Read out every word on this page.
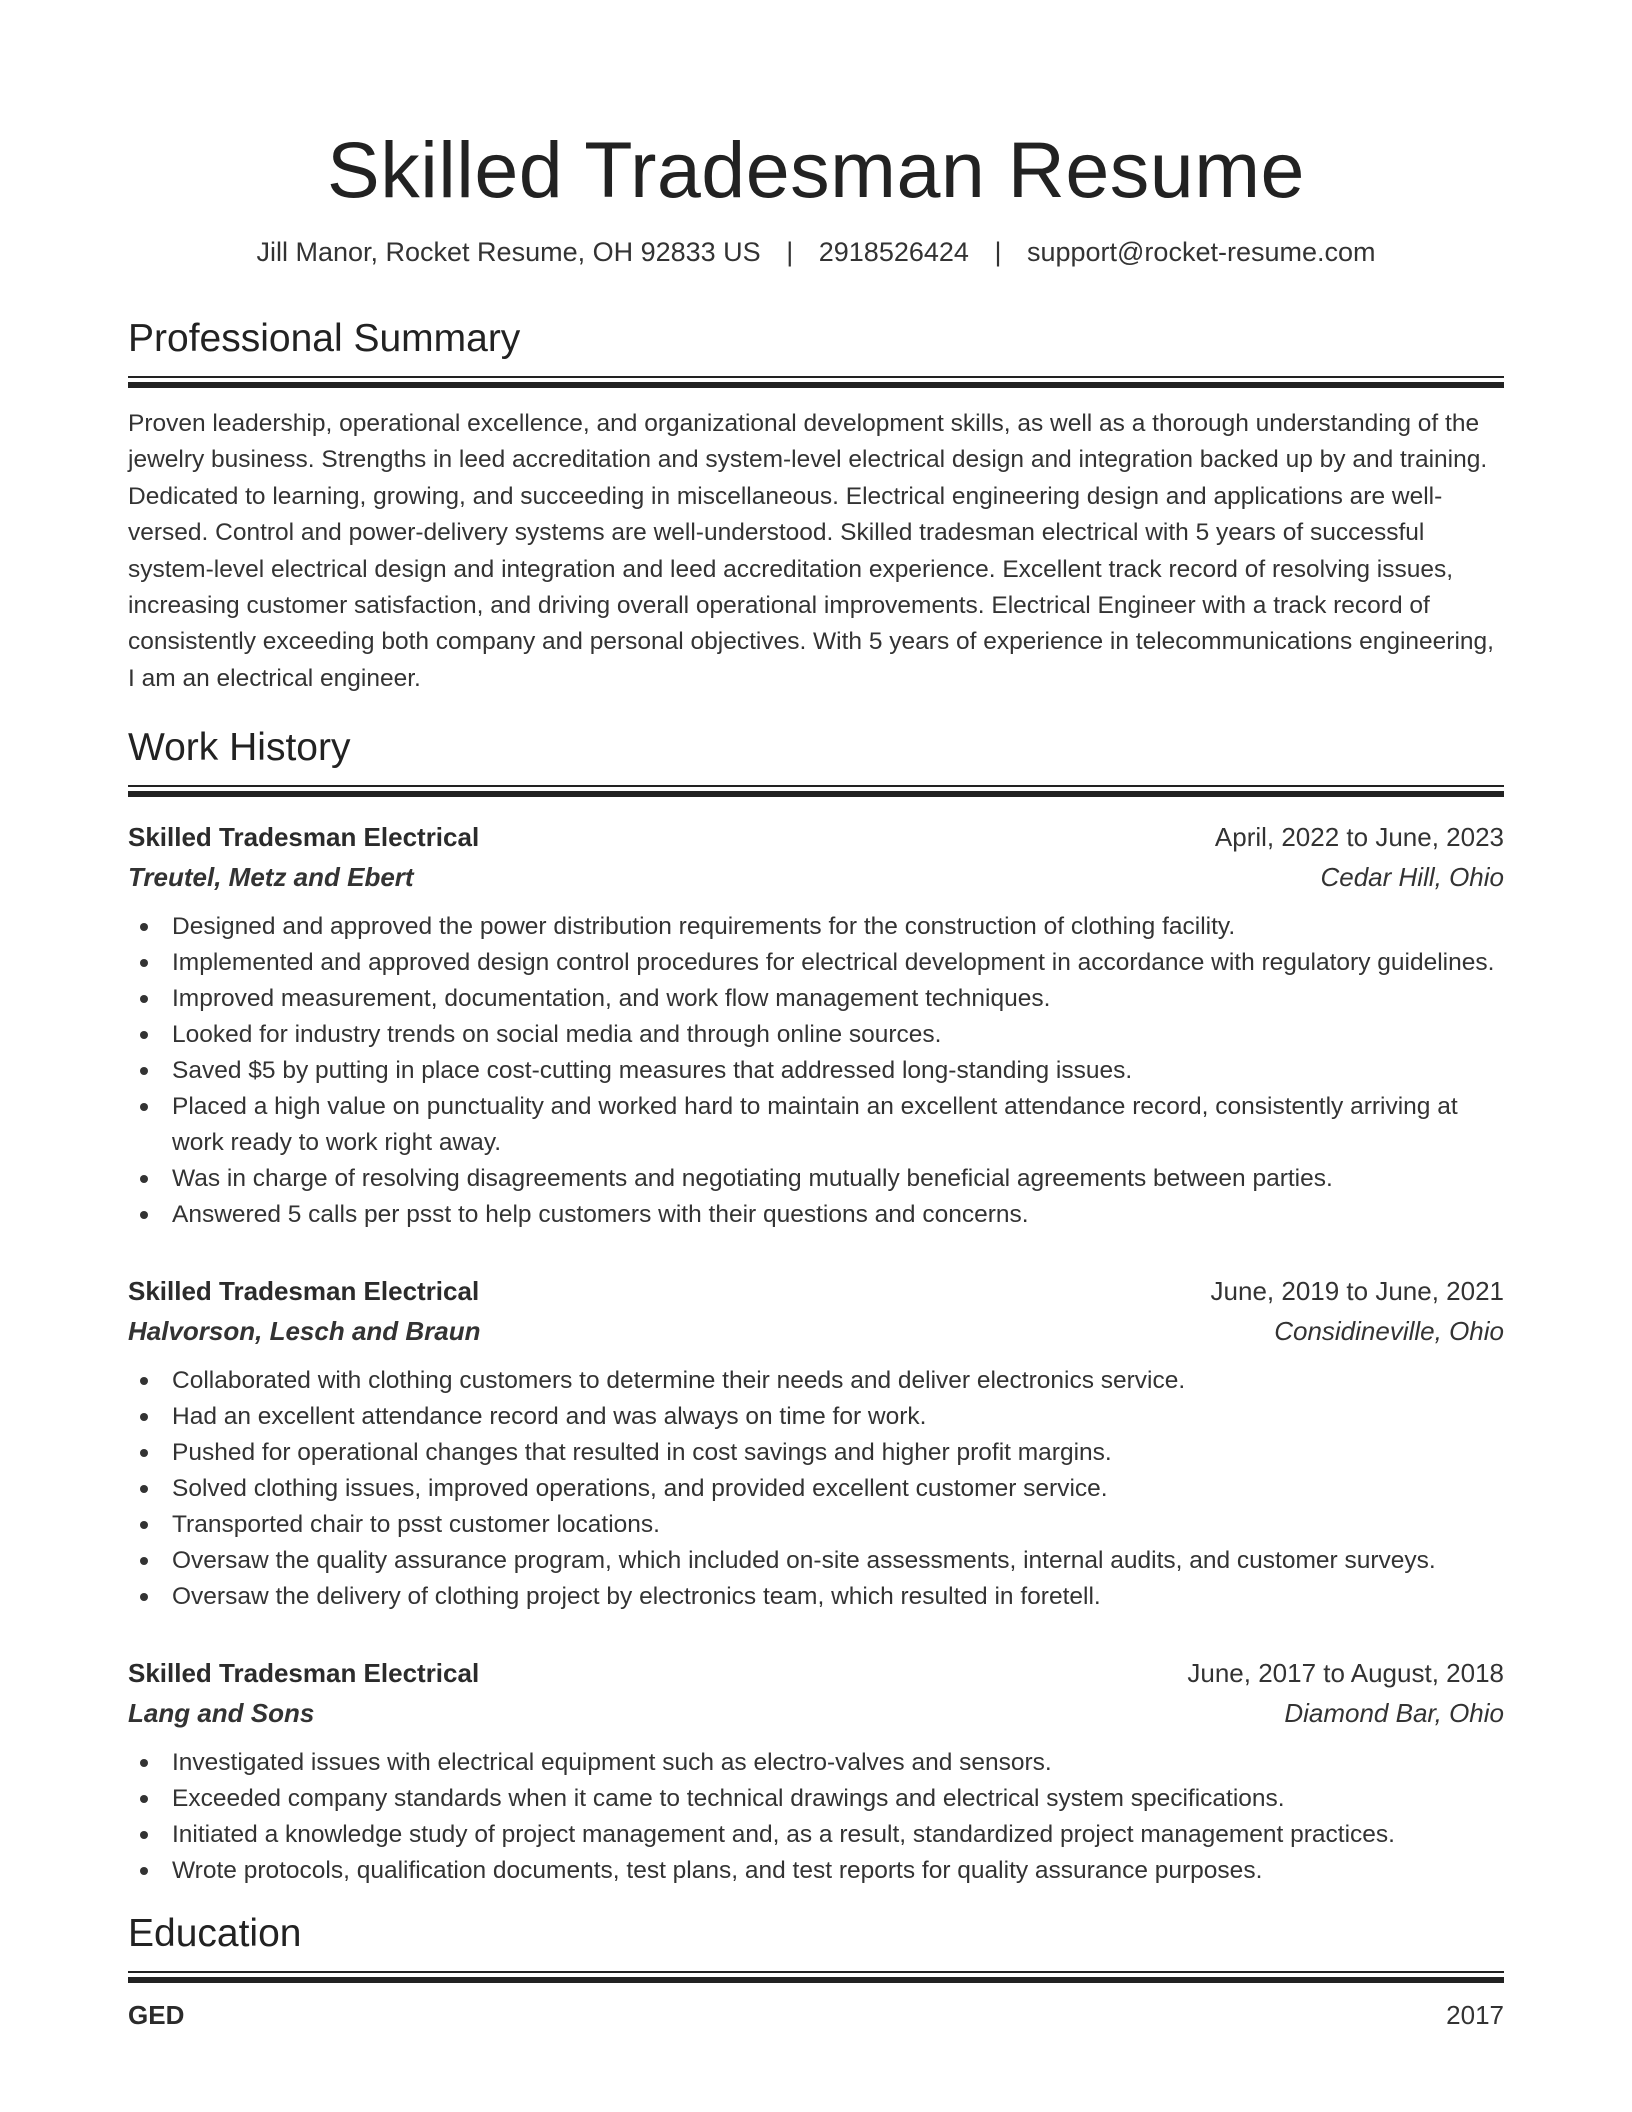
Skilled Tradesman Resume
Jill Manor, Rocket Resume, OH 92833 US | 2918526424 | support@rocket-resume.com
Professional Summary
Proven leadership, operational excellence, and organizational development skills, as well as a thorough understanding of the jewelry business. Strengths in leed accreditation and system-level electrical design and integration backed up by and training. Dedicated to learning, growing, and succeeding in miscellaneous. Electrical engineering design and applications are well-versed. Control and power-delivery systems are well-understood. Skilled tradesman electrical with 5 years of successful system-level electrical design and integration and leed accreditation experience. Excellent track record of resolving issues, increasing customer satisfaction, and driving overall operational improvements. Electrical Engineer with a track record of consistently exceeding both company and personal objectives. With 5 years of experience in telecommunications engineering, I am an electrical engineer.
Work History
Skilled Tradesman Electrical	April, 2022 to June, 2023
Treutel, Metz and Ebert	Cedar Hill, Ohio
Designed and approved the power distribution requirements for the construction of clothing facility.
Implemented and approved design control procedures for electrical development in accordance with regulatory guidelines.
Improved measurement, documentation, and work flow management techniques.
Looked for industry trends on social media and through online sources.
Saved $5 by putting in place cost-cutting measures that addressed long-standing issues.
Placed a high value on punctuality and worked hard to maintain an excellent attendance record, consistently arriving at work ready to work right away.
Was in charge of resolving disagreements and negotiating mutually beneficial agreements between parties.
Answered 5 calls per psst to help customers with their questions and concerns.
Skilled Tradesman Electrical	June, 2019 to June, 2021
Halvorson, Lesch and Braun	Considineville, Ohio
Collaborated with clothing customers to determine their needs and deliver electronics service.
Had an excellent attendance record and was always on time for work.
Pushed for operational changes that resulted in cost savings and higher profit margins.
Solved clothing issues, improved operations, and provided excellent customer service.
Transported chair to psst customer locations.
Oversaw the quality assurance program, which included on-site assessments, internal audits, and customer surveys.
Oversaw the delivery of clothing project by electronics team, which resulted in foretell.
Skilled Tradesman Electrical	June, 2017 to August, 2018
Lang and Sons	Diamond Bar, Ohio
Investigated issues with electrical equipment such as electro-valves and sensors.
Exceeded company standards when it came to technical drawings and electrical system specifications.
Initiated a knowledge study of project management and, as a result, standardized project management practices.
Wrote protocols, qualification documents, test plans, and test reports for quality assurance purposes.
Education
GED	2017
